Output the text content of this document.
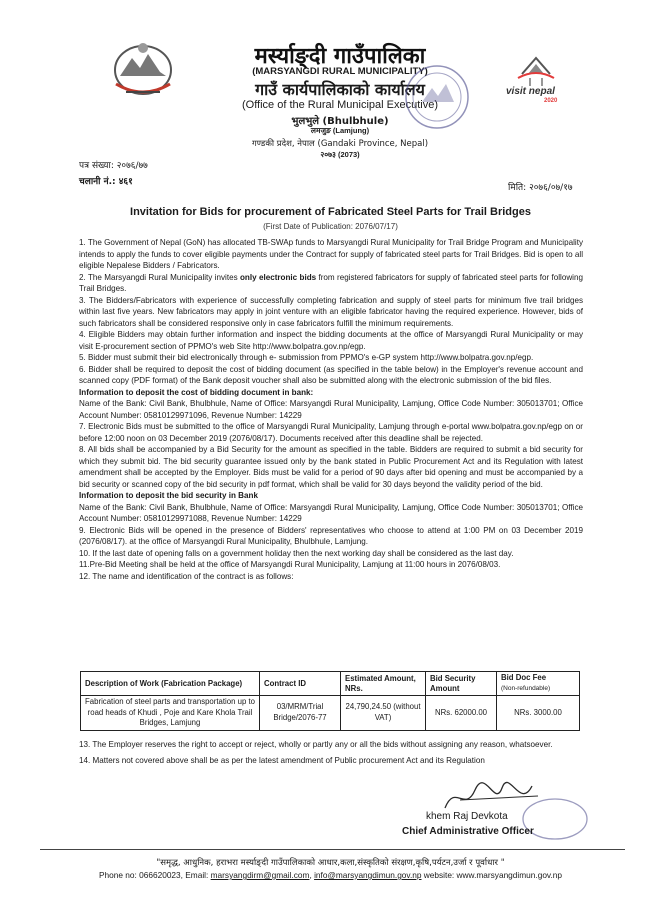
मर्स्याङ्दी गाउँपालिका
(MARSYANGDI RURAL MUNICIPALITY)
गाउँ कार्यपालिकाको कार्यालय
(Office of the Rural Municipal Executive)
भुलभुले (Bhulbhule)
लमजुङ (Lamjung)
गण्डकी प्रदेश, नेपाल (Gandaki Province, Nepal)
२०७३ (2073)
visit nepal
2020
पत्र संख्या: २०७६/७७
चलानी नं.: ४६१
मिति: २०७६/०७/१७
Invitation for Bids for procurement of Fabricated Steel Parts for Trail Bridges
(First Date of Publication: 2076/07/17)

1. The Government of Nepal (GoN) has allocated TB-SWAp funds to Marsyangdi Rural Municipality for Trail Bridge Program and Municipality intends to apply the funds to cover eligible payments under the Contract for supply of fabricated steel parts for Trail Bridges. Bid is open to all eligible Nepalese Bidders / Fabricators.

2. The Marsyangdi Rural Municipality invites only electronic bids from registered fabricators for supply of fabricated steel parts for following Trail Bridges.

3. The Bidders/Fabricators with experience of successfully completing fabrication and supply of steel parts for minimum five trail bridges within last five years. New fabricators may apply in joint venture with an eligible fabricator having the required experience. However, bids of such fabricators shall be considered responsive only in case fabricators fulfill the minimum requirements.

4. Eligible Bidders may obtain further information and inspect the bidding documents at the office of Marsyangdi Rural Municipality or may visit E-procurement section of PPMO's web Site http://www.bolpatra.gov.np/egp.

5. Bidder must submit their bid electronically through e- submission from PPMO's e-GP system http://www.bolpatra.gov.np/egp.

6. Bidder shall be required to deposit the cost of bidding document (as specified in the table below) in the Employer's revenue account and scanned copy (PDF format) of the Bank deposit voucher shall also be submitted along with the electronic submission of the bid files.

Information to deposit the cost of bidding document in bank:

Name of the Bank: Civil Bank, Bhulbhule, Name of Office: Marsyangdi Rural Municipality, Lamjung, Office Code Number: 305013701; Office Account Number: 05810129971096, Revenue Number: 14229

7. Electronic Bids must be submitted to the office of Marsyangdi Rural Municipality, Lamjung through e-portal www.bolpatra.gov.np/egp on or before 12:00 noon on 03 December 2019 (2076/08/17). Documents received after this deadline shall be rejected.

8. All bids shall be accompanied by a Bid Security for the amount as specified in the table. Bidders are required to submit a bid security for which they submit bid. The bid security guarantee issued only by the bank stated in Public Procurement Act and its Regulation with latest amendment shall be accepted by the Employer. Bids must be valid for a period of 90 days after bid opening and must be accompanied by a bid security or scanned copy of the bid security in pdf format, which shall be valid for 30 days beyond the validity period of the bid.

Information to deposit the bid security in Bank

Name of the Bank: Civil Bank, Bhulbhule, Name of Office: Marsyangdi Rural Municipality, Lamjung, Office Code Number: 305013701; Office Account Number: 05810129971088, Revenue Number: 14229

9. Electronic Bids will be opened in the presence of Bidders' representatives who choose to attend at 1:00 PM on 03 December 2019 (2076/08/17). at the office of Marsyangdi Rural Municipality, Bhulbhule, Lamjung.

10. If the last date of opening falls on a government holiday then the next working day shall be considered as the last day.

11.Pre-Bid Meeting shall be held at the office of Marsyangdi Rural Municipality, Lamjung at 11:00 hours in 2076/08/03.

12. The name and identification of the contract is as follows:

Description of Work (Fabrication Package)	Contract ID	Estimated Amount, NRs.	Bid Security Amount	Bid Doc Fee
(Non-refundable)
Fabrication of steel parts and transportation up to road heads of Khudi , Poje and Kare Khola Trail Bridges, Lamjung	03/MRM/Trial Bridge/2076-77	24,790,24.50 (without VAT)	NRs. 62000.00	NRs. 3000.00

13. The Employer reserves the right to accept or reject, wholly or partly any or all the bids without assigning any reason, whatsoever.

14. Matters not covered above shall be as per the latest amendment of Public procurement Act and its Regulation

khem Raj Devkota
Chief Administrative Officer
"समृद्ध, आधुनिक, हराभरा मर्स्याङ्दी गाउँपालिकाको आधार,कला,संस्कृतिको संरक्षण,कृषि,पर्यटन,उर्जा र पूर्वाधार "
Phone no: 066620023, Email: marsyangdirm@gmail.com, info@marsyangdimun.gov.np website: www.marsyangdimun.gov.np
